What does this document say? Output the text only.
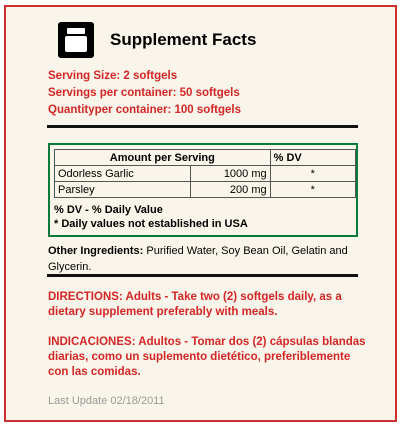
Supplement Facts
Serving Size: 2 softgels
Servings per container: 50 softgels
Quantityper container: 100 softgels
Amount per Serving		% DV
Odorless Garlic	1000 mg	*
Parsley	200 mg	*
% DV - % Daily Value
* Daily values not established in USA
Other Ingredients: Purified Water, Soy Bean Oil, Gelatin and Glycerin.
DIRECTIONS: Adults - Take two (2) softgels daily, as a dietary supplement preferably with meals.
INDICACIONES: Adultos - Tomar dos (2) cápsulas blandas diarias, como un suplemento dietético, preferiblemente con las comidas.
Last Update 02/18/2011
